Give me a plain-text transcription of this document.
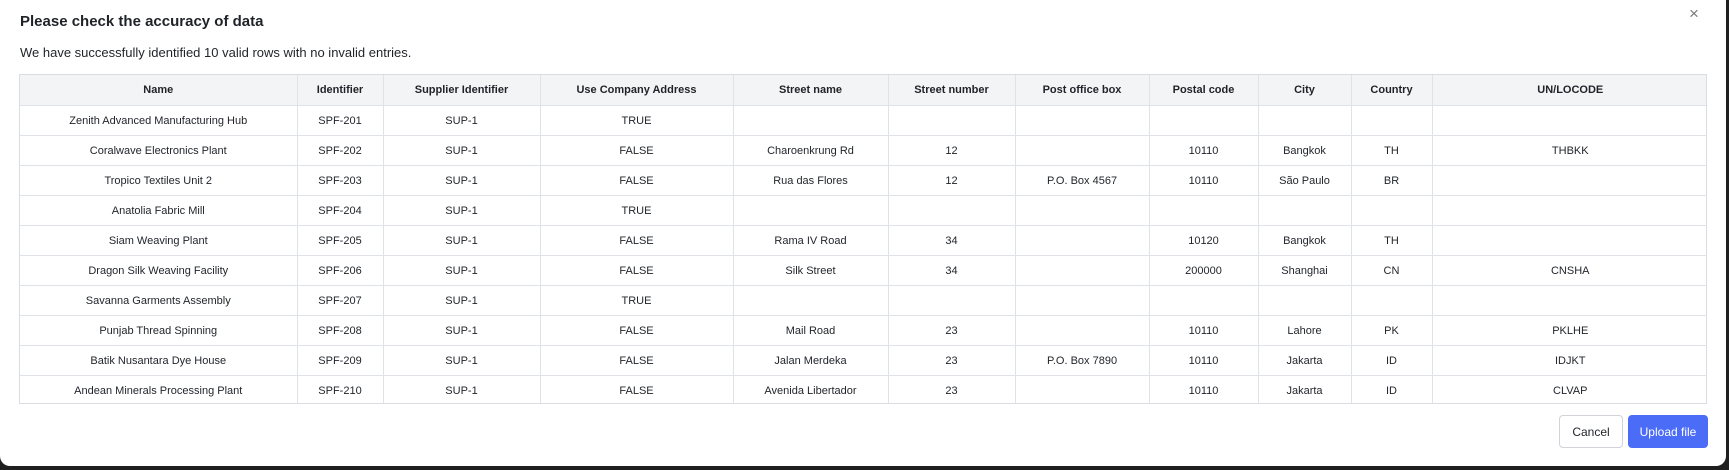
Please check the accuracy of data	×
We have successfully identified 10 valid rows with no invalid entries.
Name	Identifier	Supplier Identifier	Use Company Address	Street name	Street number	Post office box	Postal code	City	Country	UN/LOCODE
Zenith Advanced Manufacturing Hub	SPF-201	SUP-1	TRUE							
Coralwave Electronics Plant	SPF-202	SUP-1	FALSE	Charoenkrung Rd	12		10110	Bangkok	TH	THBKK
Tropico Textiles Unit 2	SPF-203	SUP-1	FALSE	Rua das Flores	12	P.O. Box 4567	10110	São Paulo	BR	
Anatolia Fabric Mill	SPF-204	SUP-1	TRUE							
Siam Weaving Plant	SPF-205	SUP-1	FALSE	Rama IV Road	34		10120	Bangkok	TH	
Dragon Silk Weaving Facility	SPF-206	SUP-1	FALSE	Silk Street	34		200000	Shanghai	CN	CNSHA
Savanna Garments Assembly	SPF-207	SUP-1	TRUE							
Punjab Thread Spinning	SPF-208	SUP-1	FALSE	Mail Road	23		10110	Lahore	PK	PKLHE
Batik Nusantara Dye House	SPF-209	SUP-1	FALSE	Jalan Merdeka	23	P.O. Box 7890	10110	Jakarta	ID	IDJKT
Andean Minerals Processing Plant	SPF-210	SUP-1	FALSE	Avenida Libertador	23		10110	Jakarta	ID	CLVAP
Cancel	Upload file
